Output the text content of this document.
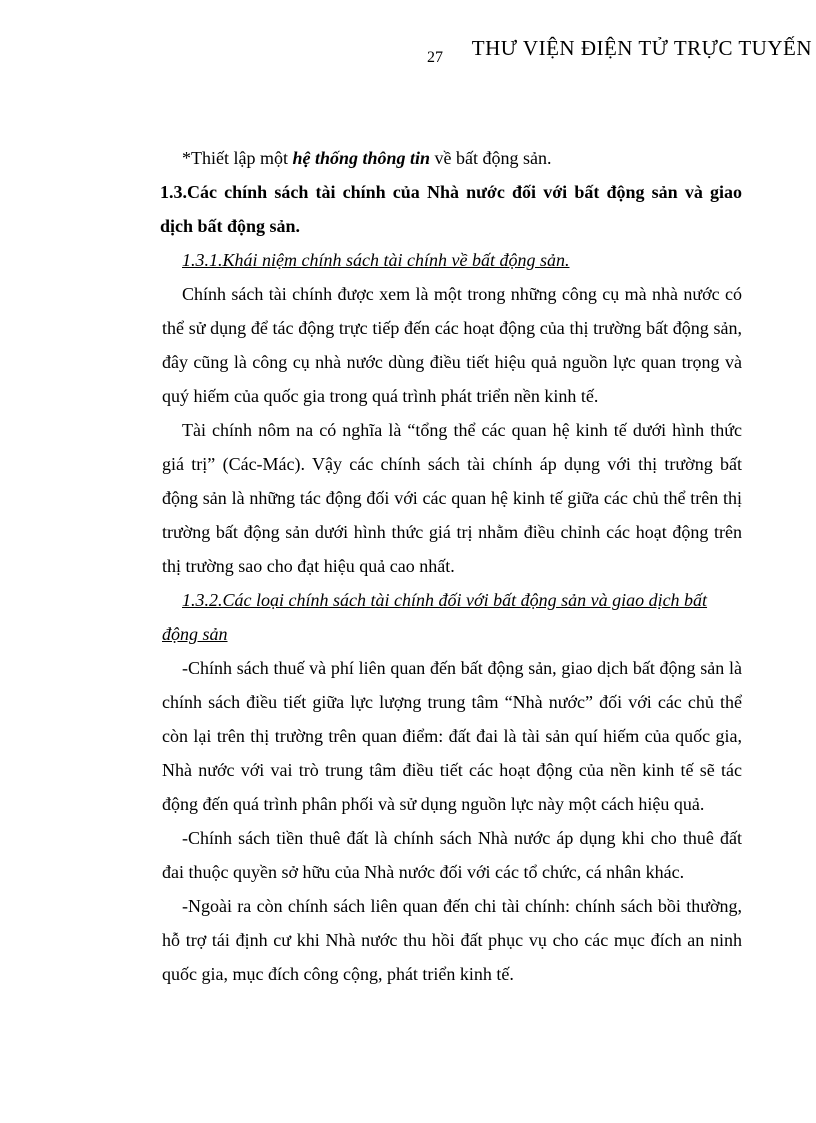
THƯ VIỆN ĐIỆN TỬ TRỰC TUYẾN
27

*Thiết lập một hệ thống thông tin về bất động sản.

1.3.Các chính sách tài chính của Nhà nước đối với bất động sản và giao dịch bất động sản.

1.3.1.Khái niệm chính sách tài chính về bất động sản.

Chính sách tài chính được xem là một trong những công cụ mà nhà nước có thể sử dụng để tác động trực tiếp đến các hoạt động của thị trường bất động sản, đây cũng là công cụ nhà nước dùng điều tiết hiệu quả nguồn lực quan trọng và quý hiếm của quốc gia trong quá trình phát triển nền kinh tế.

Tài chính nôm na có nghĩa là “tổng thể các quan hệ kinh tế dưới hình thức giá trị” (Các-Mác). Vậy các chính sách tài chính áp dụng với thị trường bất động sản là những tác động đối với các quan hệ kinh tế giữa các chủ thể trên thị trường bất động sản dưới hình thức giá trị nhằm điều chỉnh các hoạt động trên thị trường sao cho đạt hiệu quả cao nhất.

1.3.2.Các loại chính sách tài chính đối với bất động sản và giao dịch bất động sản

-Chính sách thuế và phí liên quan đến bất động sản, giao dịch bất động sản là chính sách điều tiết giữa lực lượng trung tâm “Nhà nước” đối với các chủ thể còn lại trên thị trường trên quan điểm: đất đai là tài sản quí hiếm của quốc gia, Nhà nước với vai trò trung tâm điều tiết các hoạt động của nền kinh tế sẽ tác động đến quá trình phân phối và sử dụng nguồn lực này một cách hiệu quả.

-Chính sách tiền thuê đất là chính sách Nhà nước áp dụng khi cho thuê đất đai thuộc quyền sở hữu của Nhà nước đối với các tổ chức, cá nhân khác.

-Ngoài ra còn chính sách liên quan đến chi tài chính: chính sách bồi thường, hỗ trợ tái định cư khi Nhà nước thu hồi đất phục vụ cho các mục đích an ninh quốc gia, mục đích công cộng, phát triển kinh tế.
